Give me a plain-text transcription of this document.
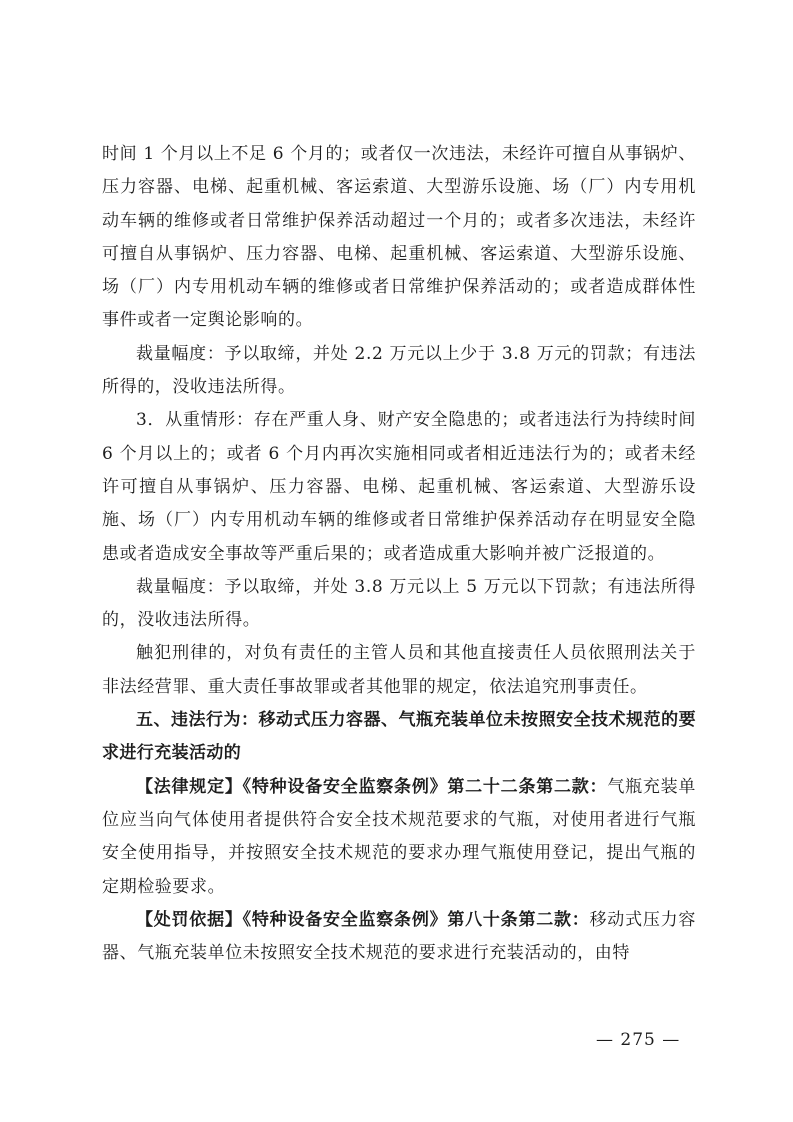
时间 1 个月以上不足 6 个月的；或者仅一次违法，未经许可擅自从事锅炉、压力容器、电梯、起重机械、客运索道、大型游乐设施、场（厂）内专用机动车辆的维修或者日常维护保养活动超过一个月的；或者多次违法，未经许可擅自从事锅炉、压力容器、电梯、起重机械、客运索道、大型游乐设施、场（厂）内专用机动车辆的维修或者日常维护保养活动的；或者造成群体性事件或者一定舆论影响的。

裁量幅度：予以取缔，并处 2.2 万元以上少于 3.8 万元的罚款；有违法所得的，没收违法所得。

3．从重情形：存在严重人身、财产安全隐患的；或者违法行为持续时间 6 个月以上的；或者 6 个月内再次实施相同或者相近违法行为的；或者未经许可擅自从事锅炉、压力容器、电梯、起重机械、客运索道、大型游乐设施、场（厂）内专用机动车辆的维修或者日常维护保养活动存在明显安全隐患或者造成安全事故等严重后果的；或者造成重大影响并被广泛报道的。

裁量幅度：予以取缔，并处 3.8 万元以上 5 万元以下罚款；有违法所得的，没收违法所得。

触犯刑律的，对负有责任的主管人员和其他直接责任人员依照刑法关于非法经营罪、重大责任事故罪或者其他罪的规定，依法追究刑事责任。

五、违法行为：移动式压力容器、气瓶充装单位未按照安全技术规范的要求进行充装活动的

【法律规定】《特种设备安全监察条例》第二十二条第二款：气瓶充装单位应当向气体使用者提供符合安全技术规范要求的气瓶，对使用者进行气瓶安全使用指导，并按照安全技术规范的要求办理气瓶使用登记，提出气瓶的定期检验要求。

【处罚依据】《特种设备安全监察条例》第八十条第二款：移动式压力容器、气瓶充装单位未按照安全技术规范的要求进行充装活动的，由特

— 275 —
